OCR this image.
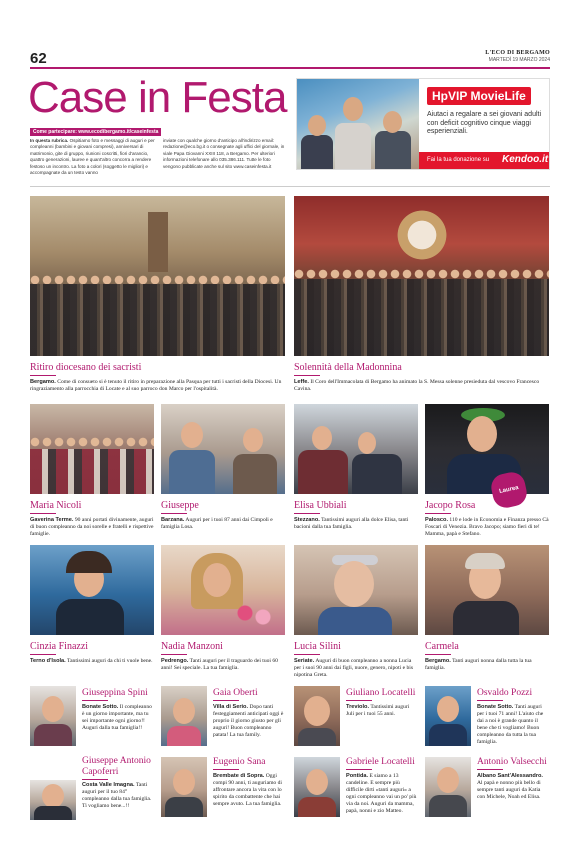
62	L'ECO DI BERGAMO
MARTEDÌ 19 MARZO 2024
Case in Festa
Come partecipare: www.ecodibergamo.it/caseinfesta
In questa rubrica. Ospitiamo foto e messaggi di auguri e per compleanni (bambini e giovani compresi), anniversari di matrimonio, gite di gruppo, riunioni coscritti, fiori d'arancio, quattro generazioni, lauree e quant'altro concorra a rendere festoso un incontro. La foto a colori (soggetto le migliori) e accompagnate da un testo vanno
inviate con qualche giorno d'anticipo all'indirizzo email: redazione@eco.bg.it o consegnate agli uffici del giornale, in viale Papa Giovanni XXIII 118, a Bergamo. Per ulteriori informazioni telefonare allo 035.386.111. Tutte le foto vengono pubblicate anche sul sito www.caseinfesta.it
HpVIP MovieLife
Aiutaci a regalare a sei giovani adulti con deficit cognitivo cinque viaggi esperienziali.
Fai la tua donazione su Kendoo.it
Ritiro diocesano dei sacristi
Bergamo. Come di consueto si è tenuto il ritiro in preparazione alla Pasqua per tutti i sacristi della Diocesi. Un ringraziamento alla parrocchia di Locate e al suo parroco don Marco per l'ospitalità.
Solennità della Madonnina
Leffe. Il Coro dell'Immacolata di Bergamo ha animato la S. Messa solenne presieduta dal vescovo Francesco Cavina.
Laurea
Maria Nicoli
Gaverina Terme. 90 anni portati divinamente, auguri di buon compleanno da noi sorelle e fratelli e rispettive famiglie.
Giuseppe
Barzana. Auguri per i tuoi 87 anni dai Cimpoli e famiglia Losa.
Elisa Ubbiali
Stezzano. Tantissimi auguri alla dolce Elisa, tanti bacioni dalla tua famiglia.
Jacopo Rosa
Palosco. 110 e lode in Economia e Finanza presso Cà Foscari di Venezia. Bravo Jacopo; siamo fieri di te! Mamma, papà e Stefano.
Cinzia Finazzi
Terno d'Isola. Tantissimi auguri da chi ti vuole bene.
Nadia Manzoni
Pedrengo. Tanti auguri per il traguardo dei tuoi 60 anni! Sei speciale. La tua famiglia.
Lucia Silini
Seriate. Auguri di buon compleanno a nonna Lucia per i suoi 90 anni dai figli, nuore, genero, nipoti e bis nipotina Greta.
Carmela
Bergamo. Tanti auguri nonna dalla tutta la tua famiglia.
Giuseppina Spini
Bonate Sotto. Il compleanno è un giorno importante, ma tu sei importante ogni giorno!! Auguri dalla tua famiglia!!
Gaia Oberti
Villa di Serio. Dopo tanti festeggiamenti anticipati oggi è proprio il giorno giusto per gli auguri! Buon compleanno patata! La tua family.
Giuliano Locatelli
Treviolo. Tantissimi auguri Juli per i tuoi 55 anni.
Osvaldo Pozzi
Bonate Sotto. Tanti auguri per i tuoi 71 anni! L'aiuto che dai a noi è grande quanto il bene che ti vogliamo! Buon compleanno da tutta la tua famiglia.
Giuseppe Antonio Capoferri
Costa Valle Imagna. Tanti auguri per il tuo 84° compleanno dalla tua famiglia. Ti vogliamo bene...!!
Eugenio Sana
Brembate di Sopra. Oggi compi 90 anni, ti auguriamo di affrontare ancora la vita con lo spirito da combattente che hai sempre avuto. La tua famiglia.
Gabriele Locatelli
Pontida. E siamo a 13 candeline. E sempre più difficile dirti «tanti auguri» a ogni compleanno vai un po' più via da noi. Auguri da mamma, papà, nonni e zio Matteo.
Antonio Valsecchi
Albano Sant'Alessandro. Al papà e nonno più bello di sempre tanti auguri da Katia con Michele, Noah ed Elisa.
